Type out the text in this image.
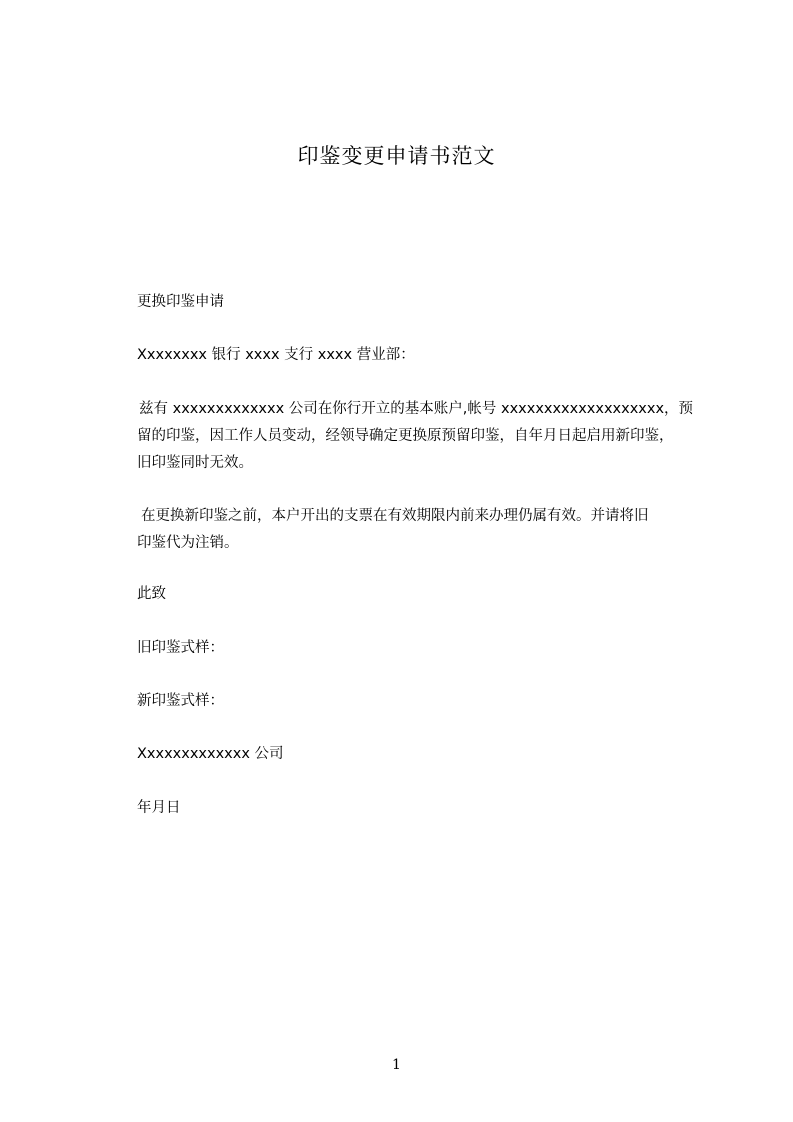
印鉴变更申请书范文
更换印鉴申请
Xxxxxxxx 银行 xxxx 支行 xxxx 营业部：
兹有 xxxxxxxxxxxxx 公司在你行开立的基本账户,帐号 xxxxxxxxxxxxxxxxxxx，预
留的印鉴，因工作人员变动，经领导确定更换原预留印鉴，自年月日起启用新印鉴，
旧印鉴同时无效。
在更换新印鉴之前，本户开出的支票在有效期限内前来办理仍属有效。并请将旧
印鉴代为注销。
此致
旧印鉴式样：
新印鉴式样：
Xxxxxxxxxxxxx 公司
年月日
1
